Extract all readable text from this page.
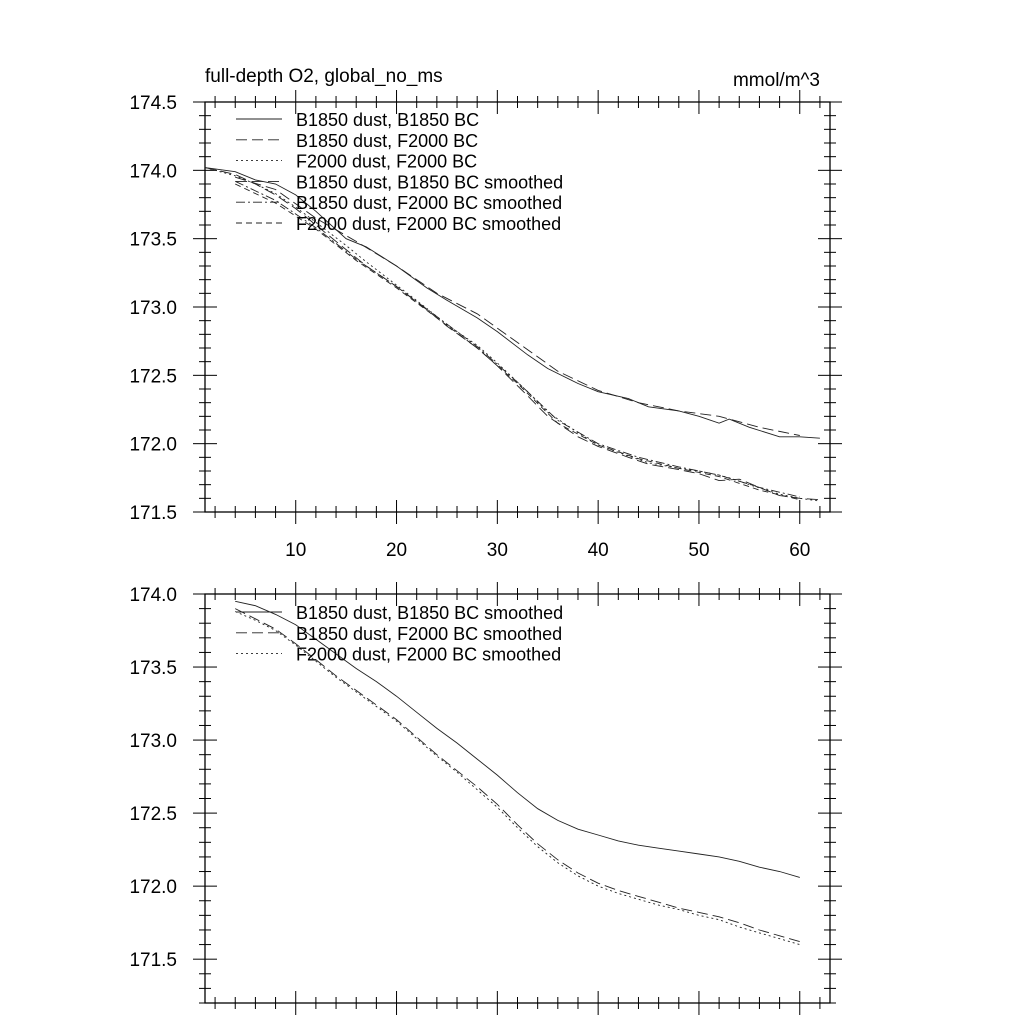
10	20	30	40	50	60
171.5
172.0
172.5
173.0
173.5
174.0
174.5
full-depth O2, global_no_ms	mmol/m^3
B1850 dust, B1850 BC
B1850 dust, F2000 BC
F2000 dust, F2000 BC
B1850 dust, B1850 BC smoothed
B1850 dust, F2000 BC smoothed
F2000 dust, F2000 BC smoothed
171.5
172.0
172.5
173.0
173.5
174.0
B1850 dust, B1850 BC smoothed
B1850 dust, F2000 BC smoothed
F2000 dust, F2000 BC smoothed
